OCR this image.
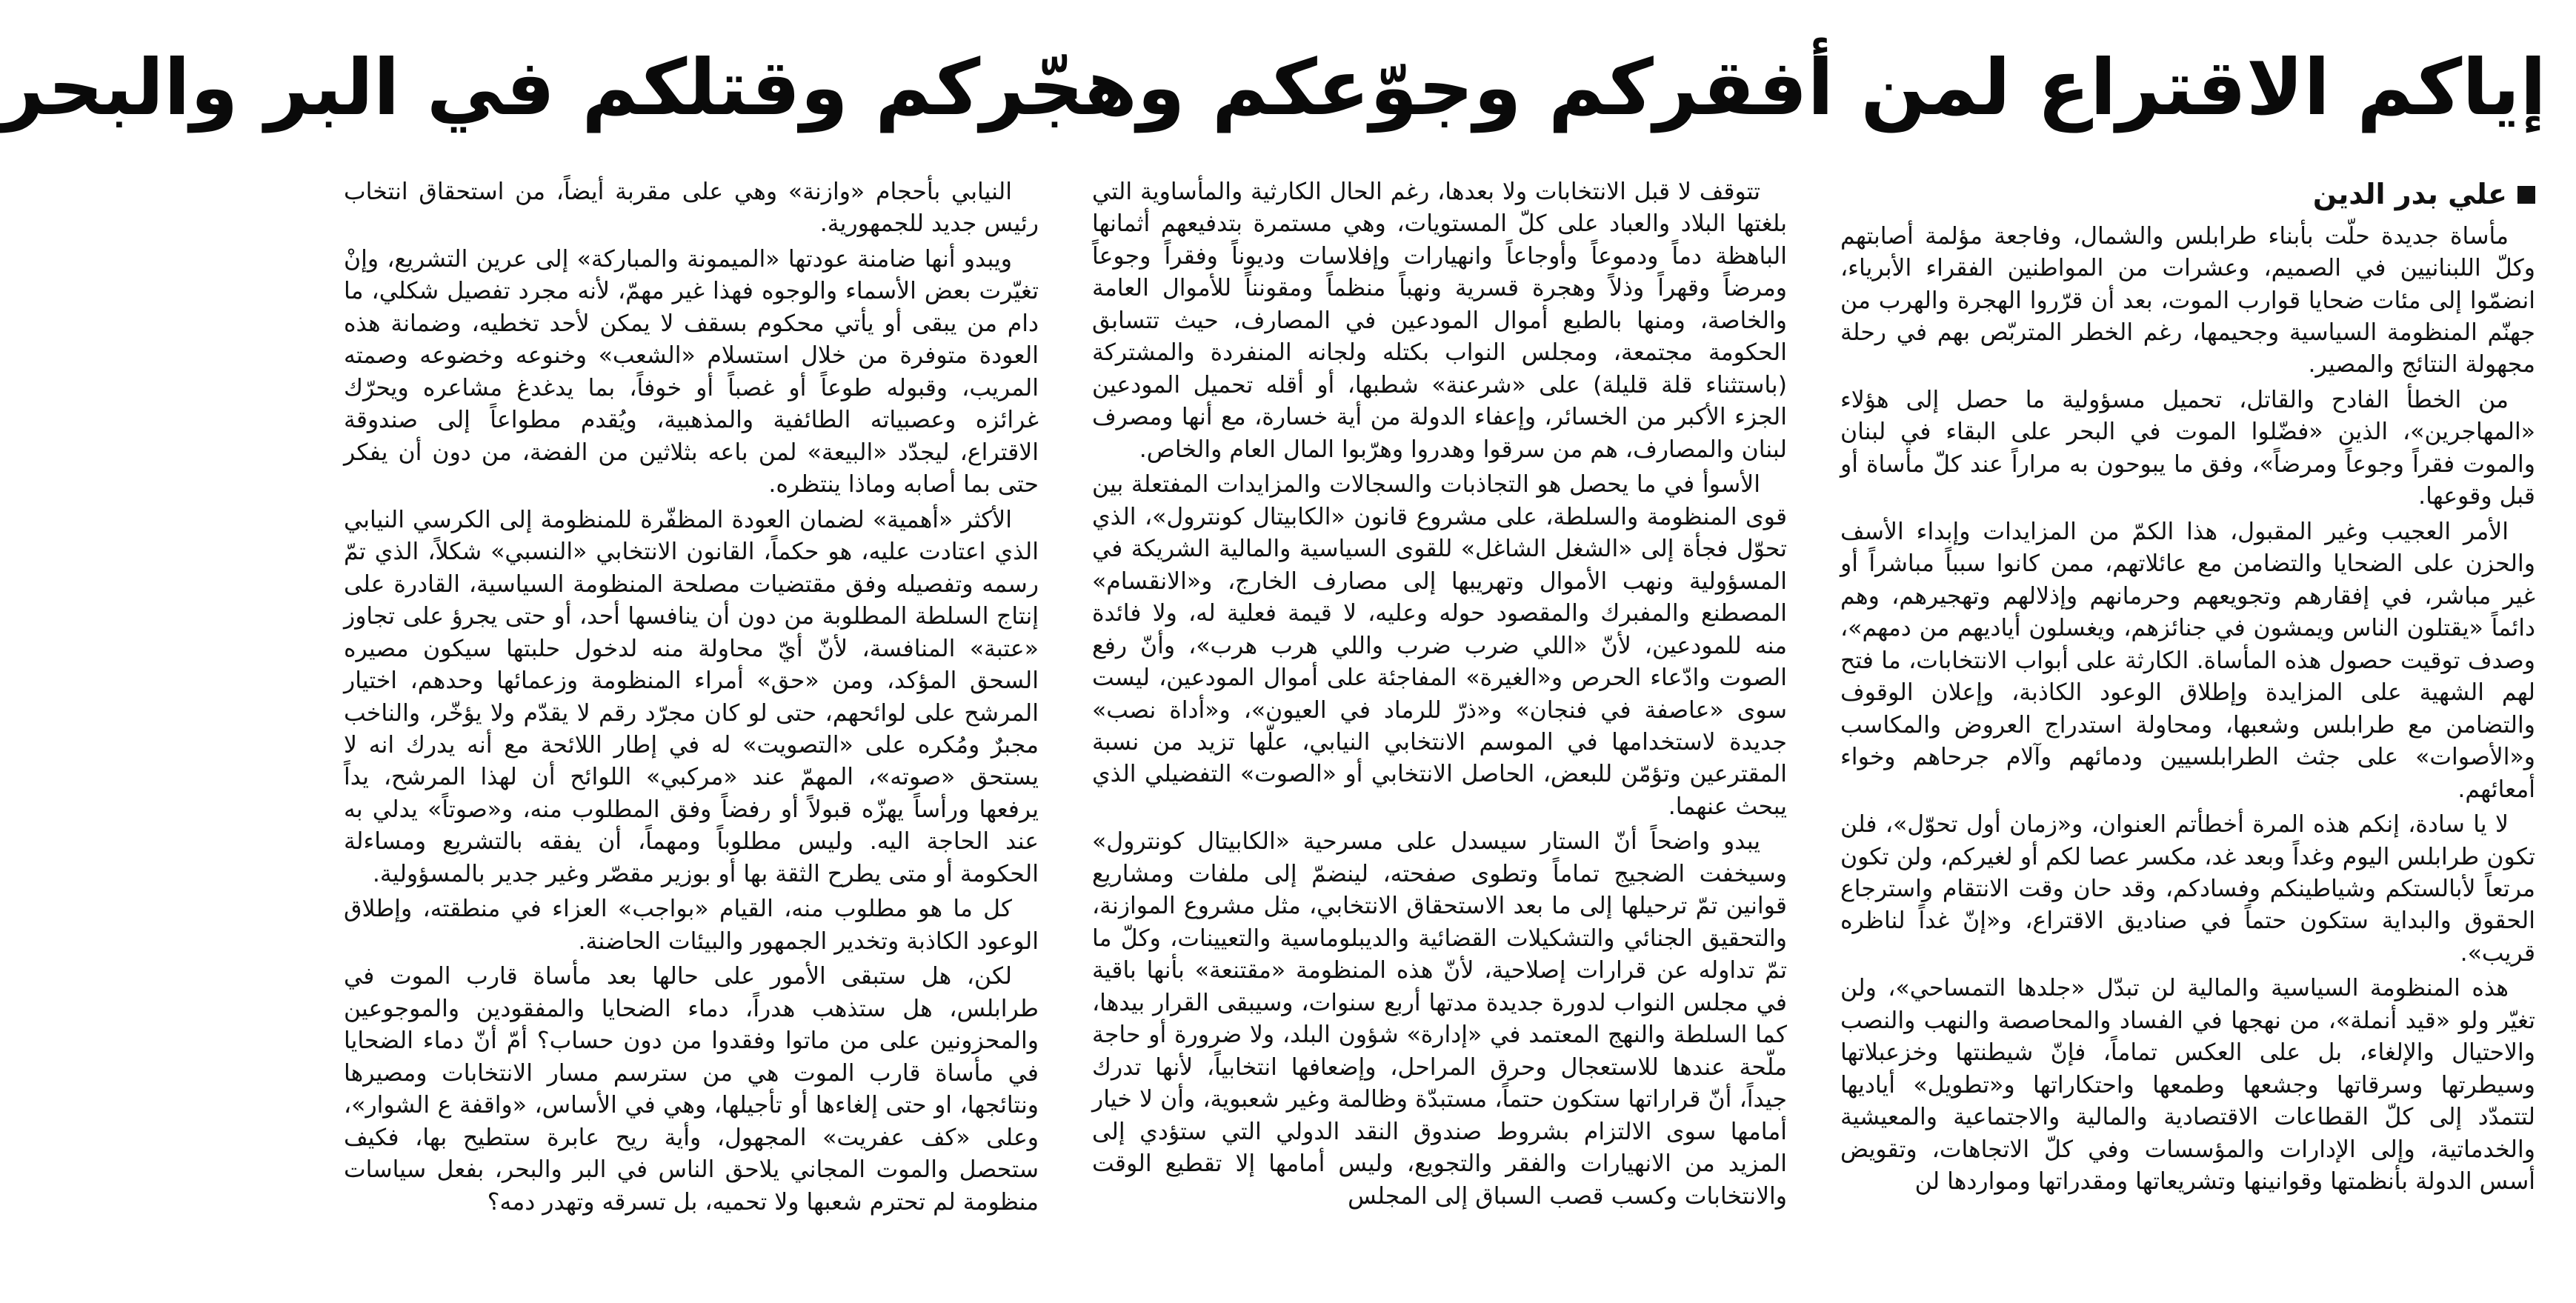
إياكم الاقتراع لمن أفقركم وجوّعكم وهجّركم وقتلكم في البر والبحر
علي بدر الدين

مأساة جديدة حلّت بأبناء طرابلس والشمال، وفاجعة مؤلمة أصابتهم وكلّ اللبنانيين في الصميم، وعشرات من المواطنين الفقراء الأبرياء، انضمّوا إلى مئات ضحايا قوارب الموت، بعد أن قرّروا الهجرة والهرب من جهنّم المنظومة السياسية وجحيمها، رغم الخطر المتربّص بهم في رحلة مجهولة النتائج والمصير.

من الخطأ الفادح والقاتل، تحميل مسؤولية ما حصل إلى هؤلاء «المهاجرين»، الذين «فضّلوا الموت في البحر على البقاء في لبنان والموت فقراً وجوعاً ومرضاً»، وفق ما يبوحون به مراراً عند كلّ مأساة أو قبل وقوعها.

الأمر العجيب وغير المقبول، هذا الكمّ من المزايدات وإبداء الأسف والحزن على الضحايا والتضامن مع عائلاتهم، ممن كانوا سبباً مباشراً أو غير مباشر، في إفقارهم وتجويعهم وحرمانهم وإذلالهم وتهجيرهم، وهم دائماً «يقتلون الناس ويمشون في جنائزهم، ويغسلون أياديهم من دمهم»، وصدف توقيت حصول هذه المأساة. الكارثة على أبواب الانتخابات، ما فتح لهم الشهية على المزايدة وإطلاق الوعود الكاذبة، وإعلان الوقوف والتضامن مع طرابلس وشعبها، ومحاولة استدراج العروض والمكاسب و«الأصوات» على جثث الطرابلسيين ودمائهم وآلام جرحاهم وخواء أمعائهم.

لا يا سادة، إنكم هذه المرة أخطأتم العنوان، و«زمان أول تحوّل»، فلن تكون طرابلس اليوم وغداً وبعد غد، مكسر عصا لكم أو لغيركم، ولن تكون مرتعاً لأبالستكم وشياطينكم وفسادكم، وقد حان وقت الانتقام واسترجاع الحقوق والبداية ستكون حتماً في صناديق الاقتراع، و«إنّ غداً لناظره قريب».

هذه المنظومة السياسية والمالية لن تبدّل «جلدها التمساحي»، ولن تغيّر ولو «قيد أنملة»، من نهجها في الفساد والمحاصصة والنهب والنصب والاحتيال والإلغاء، بل على العكس تماماً، فإنّ شيطنتها وخزعبلاتها وسيطرتها وسرقاتها وجشعها وطمعها واحتكاراتها و«تطويل» أياديها لتتمدّد إلى كلّ القطاعات الاقتصادية والمالية والاجتماعية والمعيشية والخدماتية، وإلى الإدارات والمؤسسات وفي كلّ الاتجاهات، وتقويض أسس الدولة بأنظمتها وقوانينها وتشريعاتها ومقدراتها ومواردها لن

تتوقف لا قبل الانتخابات ولا بعدها، رغم الحال الكارثية والمأساوية التي بلغتها البلاد والعباد على كلّ المستويات، وهي مستمرة بتدفيعهم أثمانها الباهظة دماً ودموعاً وأوجاعاً وانهيارات وإفلاسات وديوناً وفقراً وجوعاً ومرضاً وقهراً وذلاً وهجرة قسرية ونهباً منظماً ومقونناً للأموال العامة والخاصة، ومنها بالطبع أموال المودعين في المصارف، حيث تتسابق الحكومة مجتمعة، ومجلس النواب بكتله ولجانه المنفردة والمشتركة (باستثناء قلة قليلة) على «شرعنة» شطبها، أو أقله تحميل المودعين الجزء الأكبر من الخسائر، وإعفاء الدولة من أية خسارة، مع أنها ومصرف لبنان والمصارف، هم من سرقوا وهدروا وهرّبوا المال العام والخاص.

الأسوأ في ما يحصل هو التجاذبات والسجالات والمزايدات المفتعلة بين قوى المنظومة والسلطة، على مشروع قانون «الكابيتال كونترول»، الذي تحوّل فجأة إلى «الشغل الشاغل» للقوى السياسية والمالية الشريكة في المسؤولية ونهب الأموال وتهريبها إلى مصارف الخارج، و«الانقسام» المصطنع والمفبرك والمقصود حوله وعليه، لا قيمة فعلية له، ولا فائدة منه للمودعين، لأنّ «اللي ضرب ضرب واللي هرب هرب»، وأنّ رفع الصوت وادّعاء الحرص و«الغيرة» المفاجئة على أموال المودعين، ليست سوى «عاصفة في فنجان» و«ذرّ للرماد في العيون»، و«أداة نصب» جديدة لاستخدامها في الموسم الانتخابي النيابي، علّها تزيد من نسبة المقترعين وتؤمّن للبعض، الحاصل الانتخابي أو «الصوت» التفضيلي الذي يبحث عنهما.

يبدو واضحاً أنّ الستار سيسدل على مسرحية «الكابيتال كونترول» وسيخفت الضجيج تماماً وتطوى صفحته، لينضمّ إلى ملفات ومشاريع قوانين تمّ ترحيلها إلى ما بعد الاستحقاق الانتخابي، مثل مشروع الموازنة، والتحقيق الجنائي والتشكيلات القضائية والديبلوماسية والتعيينات، وكلّ ما تمّ تداوله عن قرارات إصلاحية، لأنّ هذه المنظومة «مقتنعة» بأنها باقية في مجلس النواب لدورة جديدة مدتها أربع سنوات، وسيبقى القرار بيدها، كما السلطة والنهج المعتمد في «إدارة» شؤون البلد، ولا ضرورة أو حاجة ملّحة عندها للاستعجال وحرق المراحل، وإضعافها انتخابياً، لأنها تدرك جيداً، أنّ قراراتها ستكون حتماً، مستبدّة وظالمة وغير شعبوية، وأن لا خيار أمامها سوى الالتزام بشروط صندوق النقد الدولي التي ستؤدي إلى المزيد من الانهيارات والفقر والتجويع، وليس أمامها إلا تقطيع الوقت والانتخابات وكسب قصب السباق إلى المجلس

النيابي بأحجام «وازنة» وهي على مقربة أيضاً، من استحقاق انتخاب رئيس جديد للجمهورية.

ويبدو أنها ضامنة عودتها «الميمونة والمباركة» إلى عرين التشريع، وإنْ تغيّرت بعض الأسماء والوجوه فهذا غير مهمّ، لأنه مجرد تفصيل شكلي، ما دام من يبقى أو يأتي محكوم بسقف لا يمكن لأحد تخطيه، وضمانة هذه العودة متوفرة من خلال استسلام «الشعب» وخنوعه وخضوعه وصمته المريب، وقبوله طوعاً أو غصباً أو خوفاً، بما يدغدغ مشاعره ويحرّك غرائزه وعصبياته الطائفية والمذهبية، ويُقدم مطواعاً إلى صندوقة الاقتراع، ليجدّد «البيعة» لمن باعه بثلاثين من الفضة، من دون أن يفكر حتى بما أصابه وماذا ينتظره.

الأكثر «أهمية» لضمان العودة المظفّرة للمنظومة إلى الكرسي النيابي الذي اعتادت عليه، هو حكماً، القانون الانتخابي «النسبي» شكلاً، الذي تمّ رسمه وتفصيله وفق مقتضيات مصلحة المنظومة السياسية، القادرة على إنتاج السلطة المطلوبة من دون أن ينافسها أحد، أو حتى يجرؤ على تجاوز «عتبة» المنافسة، لأنّ أيّ محاولة منه لدخول حلبتها سيكون مصيره السحق المؤكد، ومن «حق» أمراء المنظومة وزعمائها وحدهم، اختيار المرشح على لوائحهم، حتى لو كان مجرّد رقم لا يقدّم ولا يؤخّر، والناخب مجبرٌ ومُكره على «التصويت» له في إطار اللائحة مع أنه يدرك انه لا يستحق «صوته»، المهمّ عند «مركبي» اللوائح أن لهذا المرشح، يداً يرفعها ورأساً يهزّه قبولاً أو رفضاً وفق المطلوب منه، و«صوتاً» يدلي به عند الحاجة اليه. وليس مطلوباً ومهماً، أن يفقه بالتشريع ومساءلة الحكومة أو متى يطرح الثقة بها أو بوزير مقصّر وغير جدير بالمسؤولية.

كل ما هو مطلوب منه، القيام «بواجب» العزاء في منطقته، وإطلاق الوعود الكاذبة وتخدير الجمهور والبيئات الحاضنة.

لكن، هل ستبقى الأمور على حالها بعد مأساة قارب الموت في طرابلس، هل ستذهب هدراً، دماء الضحايا والمفقودين والموجوعين والمحزونين على من ماتوا وفقدوا من دون حساب؟ أمّ أنّ دماء الضحايا في مأساة قارب الموت هي من سترسم مسار الانتخابات ومصيرها ونتائجها، او حتى إلغاءها أو تأجيلها، وهي في الأساس، «واقفة ع الشوار»، وعلى «كف عفريت» المجهول، وأية ريح عابرة ستطيح بها، فكيف ستحصل والموت المجاني يلاحق الناس في البر والبحر، بفعل سياسات منظومة لم تحترم شعبها ولا تحميه، بل تسرقه وتهدر دمه؟
